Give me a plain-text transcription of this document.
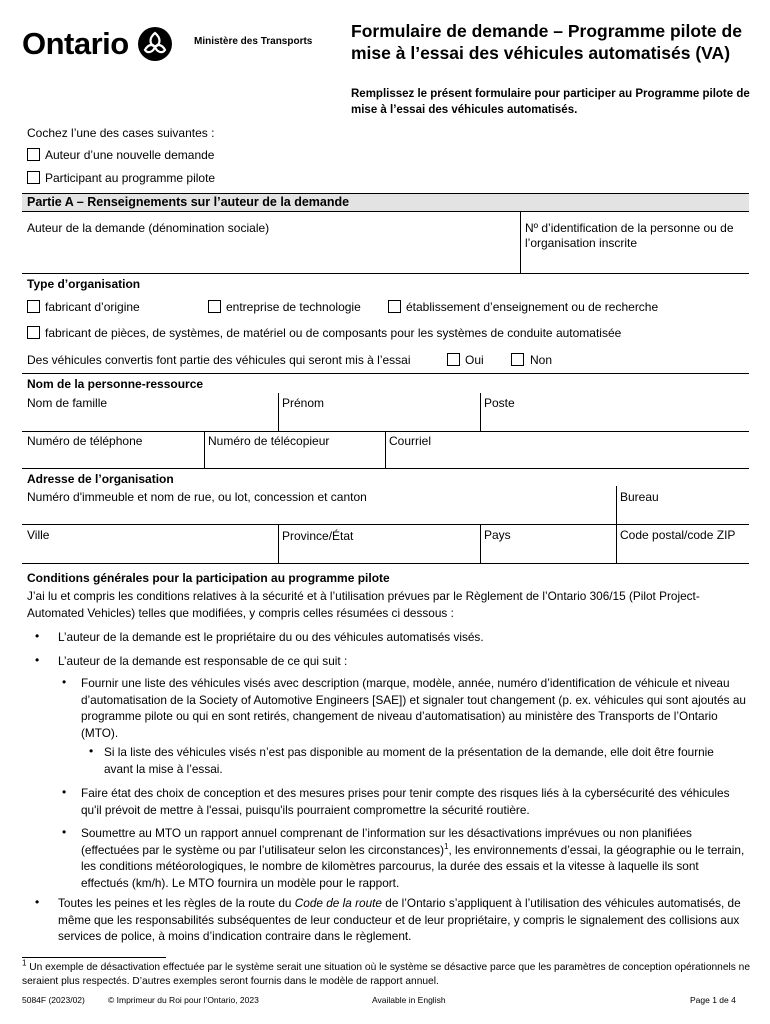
Ontario	Ministère des Transports
Formulaire de demande – Programme pilote de mise à l’essai des véhicules automatisés (VA)
Remplissez le présent formulaire pour participer au Programme pilote de mise à l’essai des véhicules automatisés.
Cochez l’une des cases suivantes :
Auteur d’une nouvelle demande
Participant au programme pilote
Partie A – Renseignements sur l’auteur de la demande
Auteur de la demande (dénomination sociale)	Nº d’identification de la personne ou de l’organisation inscrite
Type d’organisation
fabricant d’origine	entreprise de technologie	établissement d’enseignement ou de recherche
fabricant de pièces, de systèmes, de matériel ou de composants pour les systèmes de conduite automatisée
Des véhicules convertis font partie des véhicules qui seront mis à l’essai	Oui	Non
Nom de la personne-ressource
Nom de famille	Prénom	Poste
Numéro de téléphone	Numéro de télécopieur	Courriel
Adresse de l’organisation
Numéro d'immeuble et nom de rue, ou lot, concession et canton	Bureau
Ville	Province/État	Pays	Code postal/code ZIP
Conditions générales pour la participation au programme pilote
J’ai lu et compris les conditions relatives à la sécurité et à l’utilisation prévues par le Règlement de l’Ontario 306/15 (Pilot Project-Automated Vehicles) telles que modifiées, y compris celles résumées ci dessous :
• L’auteur de la demande est le propriétaire du ou des véhicules automatisés visés.
• L’auteur de la demande est responsable de ce qui suit :
• Fournir une liste des véhicules visés avec description (marque, modèle, année, numéro d’identification de véhicule et niveau d’automatisation de la Society of Automotive Engineers [SAE]) et signaler tout changement (p. ex. véhicules qui sont ajoutés au programme pilote ou qui en sont retirés, changement de niveau d’automatisation) au ministère des Transports de l’Ontario (MTO).
• Si la liste des véhicules visés n’est pas disponible au moment de la présentation de la demande, elle doit être fournie avant la mise à l’essai.
• Faire état des choix de conception et des mesures prises pour tenir compte des risques liés à la cybersécurité des véhicules qu'il prévoit de mettre à l'essai, puisqu'ils pourraient compromettre la sécurité routière.
• Soumettre au MTO un rapport annuel comprenant de l’information sur les désactivations imprévues ou non planifiées (effectuées par le système ou par l’utilisateur selon les circonstances)$^1$, les environnements d’essai, la géographie ou le terrain, les conditions météorologiques, le nombre de kilomètres parcourus, la durée des essais et la vitesse à laquelle ils sont effectués (km/h). Le MTO fournira un modèle pour le rapport.
• Toutes les peines et les règles de la route du Code de la route de l’Ontario s’appliquent à l’utilisation des véhicules automatisés, de même que les responsabilités subséquentes de leur conducteur et de leur propriétaire, y compris le signalement des collisions aux services de police, à moins d’indication contraire dans le règlement.
$^1$ Un exemple de désactivation effectuée par le système serait une situation où le système se désactive parce que les paramètres de conception opérationnels ne seraient plus respectés. D’autres exemples seront fournis dans le modèle de rapport annuel.
5084F (2023/02)	© Imprimeur du Roi pour l’Ontario, 2023	Available in English	Page 1 de 4
